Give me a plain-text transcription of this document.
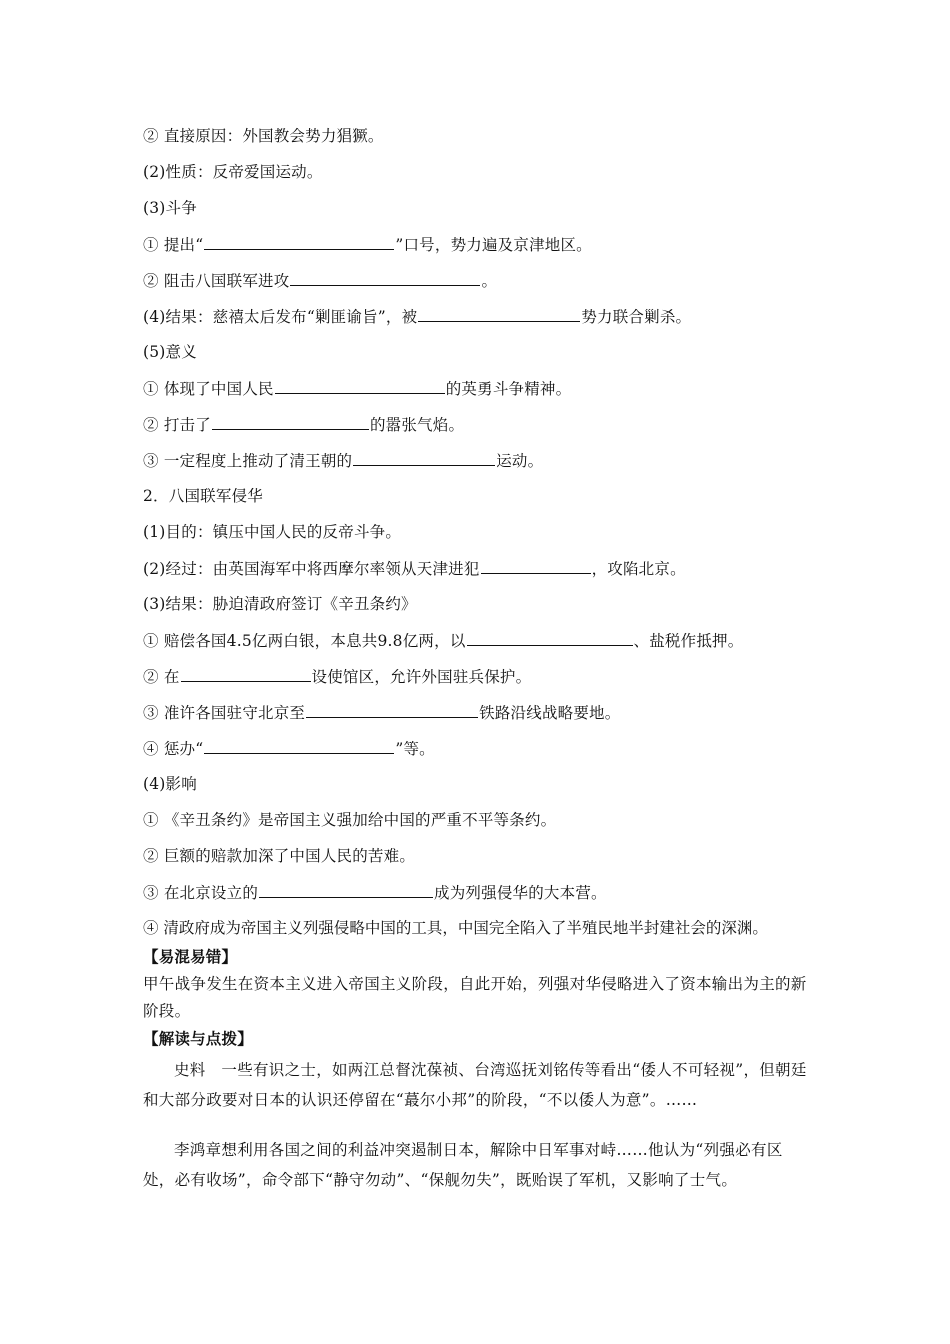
② 直接原因：外国教会势力猖獗。
(2)性质：反帝爱国运动。
(3)斗争
① 提出“	”口号，势力遍及京津地区。
② 阻击八国联军进攻	。
(4)结果：慈禧太后发布“剿匪谕旨”，被	势力联合剿杀。
(5)意义
① 体现了中国人民	的英勇斗争精神。
② 打击了	的嚣张气焰。
③ 一定程度上推动了清王朝的	运动。
2．八国联军侵华
(1)目的：镇压中国人民的反帝斗争。
(2)经过：由英国海军中将西摩尔率领从天津进犯	，攻陷北京。
(3)结果：胁迫清政府签订《辛丑条约》
① 赔偿各国4.5亿两白银，本息共9.8亿两，以	、盐税作抵押。
② 在	设使馆区，允许外国驻兵保护。
③ 准许各国驻守北京至	铁路沿线战略要地。
④ 惩办“	”等。
(4)影响
① 《辛丑条约》是帝国主义强加给中国的严重不平等条约。
② 巨额的赔款加深了中国人民的苦难。
③ 在北京设立的	成为列强侵华的大本营。
④ 清政府成为帝国主义列强侵略中国的工具，中国完全陷入了半殖民地半封建社会的深渊。
【易混易错】
甲午战争发生在资本主义进入帝国主义阶段，自此开始，列强对华侵略进入了资本输出为主的新阶段。
【解读与点拨】
史料　一些有识之士，如两江总督沈葆祯、台湾巡抚刘铭传等看出“倭人不可轻视”，但朝廷和大部分政要对日本的认识还停留在“蕞尔小邦”的阶段，“不以倭人为意”。……
李鸿章想利用各国之间的利益冲突遏制日本，解除中日军事对峙……他认为“列强必有区处，必有收场”，命令部下“静守勿动”、“保舰勿失”，既贻误了军机，又影响了士气。
